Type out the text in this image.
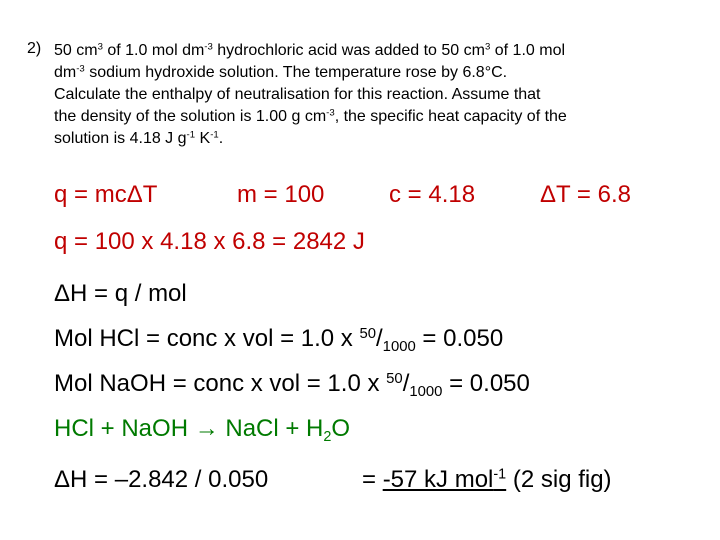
2) 50 $cm^3$ of 1.0 mol $dm^{-3}$ hydrochloric acid was added to 50 $cm^3$ of 1.0 mol

$dm^{-3}$ sodium hydroxide solution. The temperature rose by 6.8°C.

Calculate the enthalpy of neutralisation for this reaction. Assume that

the density of the solution is 1.00 g $cm^{-3}$, the specific heat capacity of the

solution is 4.18 J $g^{-1}$ $K^{-1}$.

q = mcΔT	m = 100	c = 4.18	ΔT = 6.8
q = 100 x 4.18 x 6.8 = 2842 J
ΔH = q / mol
Mol HCl = conc x vol = 1.0 x $^{50}/_{1000} = 0.050$
Mol NaOH = conc x vol = 1.0 x $^{50}/_{1000} = 0.050$
HCl + NaOH → NaCl + $H_2O$
ΔH = –2.842 / 0.050	= -57 kJ mol$^{-1}$ (2 sig fig)
